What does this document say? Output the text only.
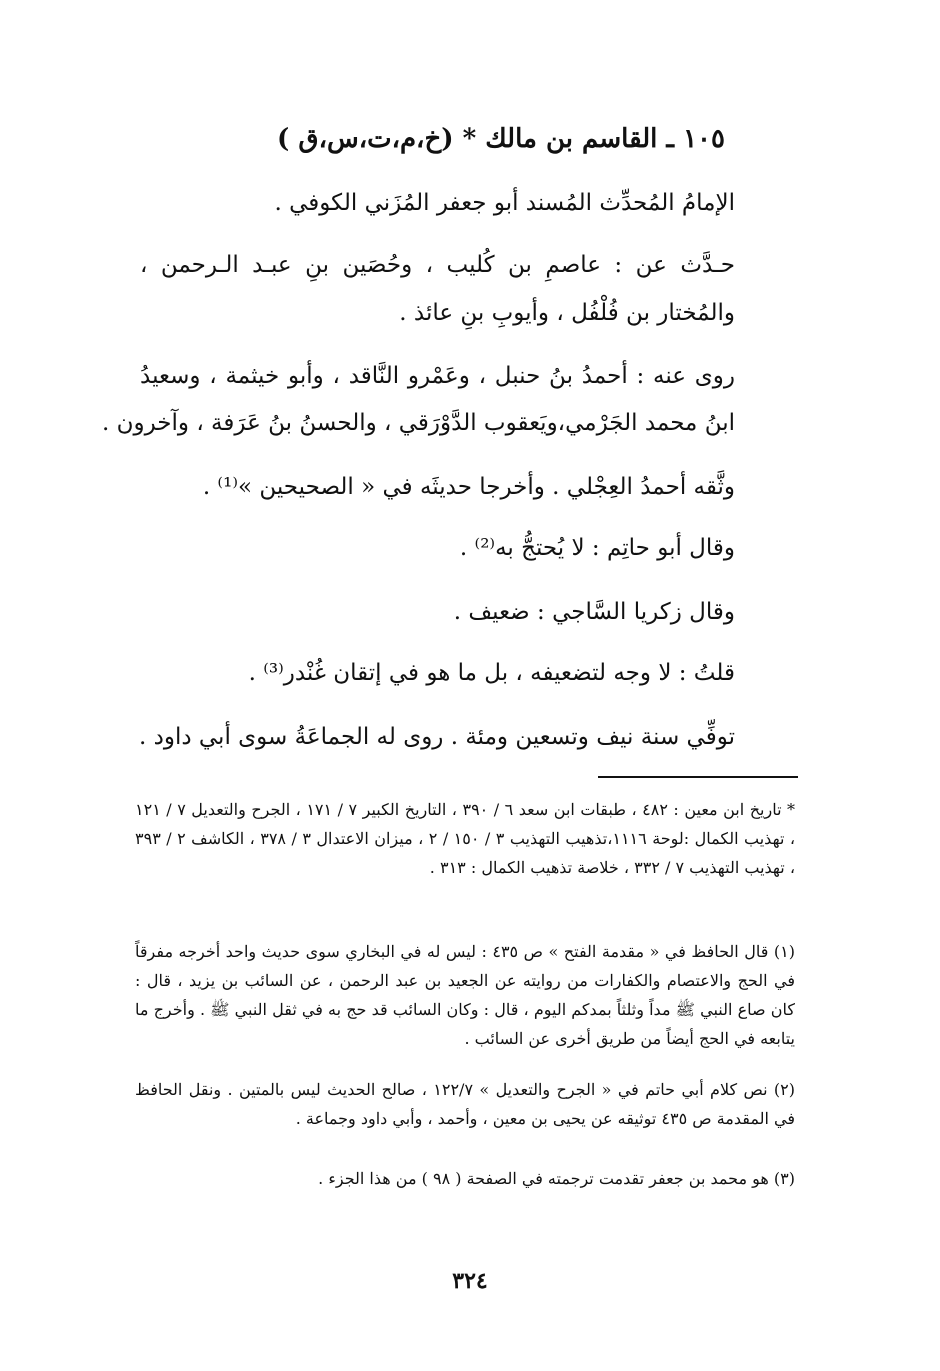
١٠٥ ـ القاسم بن مالك * (خ،م،ت،س،ق )
الإمامُ المُحدِّث المُسند أبو جعفر المُزَني الكوفي .
حـدَّث عن : عاصمِ بن كُليب ، وحُصَين بنِ عبـد الـرحمن ،
والمُختار بن فُلْفُل ، وأيوبِ بنِ عائذ .
روى عنه : أحمدُ بنُ حنبل ، وعَمْرو النَّاقد ، وأبو خيثمة ، وسعيدُ
ابنُ محمد الجَرْمي،ويَعقوب الدَّوْرَقي ، والحسنُ بنُ عَرَفة ، وآخرون .
وثَّقه أحمدُ العِجْلي . وأخرجا حديثَه في « الصحيحين »⁽¹⁾ .
وقال أبو حاتِم : لا يُحتجُّ به⁽²⁾ .
وقال زكريا السَّاجي : ضعيف .
قلتُ : لا وجه لتضعيفه ، بل ما هو في إتقان غُنْدر⁽³⁾ .
توفِّي سنة نيف وتسعين ومئة . روى له الجماعَةُ سوى أبي داود .
* تاريخ ابن معين : ٤٨٢ ، طبقات ابن سعد ٦ / ٣٩٠ ، التاريخ الكبير ٧ / ١٧١ ، الجرح والتعديل ٧ / ١٢١ ، تهذيب الكمال :لوحة ١١١٦،تذهيب التهذيب ٣ / ١٥٠ / ٢ ، ميزان الاعتدال ٣ / ٣٧٨ ، الكاشف ٢ / ٣٩٣ ، تهذيب التهذيب ٧ / ٣٣٢ ، خلاصة تذهيب الكمال : ٣١٣ .
(١) قال الحافظ في « مقدمة الفتح » ص ٤٣٥ : ليس له في البخاري سوى حديث واحد أخرجه مفرقاً في الحج والاعتصام والكفارات من روايته عن الجعيد بن عبد الرحمن ، عن السائب بن يزيد ، قال : كان صاع النبي ﷺ مداً وثلثاً بمدكم اليوم ، قال : وكان السائب قد حج به في ثقل النبي ﷺ . وأخرج ما يتابعه في الحج أيضاً من طريق أخرى عن السائب .
(٢) نص كلام أبي حاتم في « الجرح والتعديل » ١٢٢/٧ ، صالح الحديث ليس بالمتين . ونقل الحافظ في المقدمة ص ٤٣٥ توثيقه عن يحيى بن معين ، وأحمد ، وأبي داود وجماعة .
(٣) هو محمد بن جعفر تقدمت ترجمته في الصفحة ( ٩٨ ) من هذا الجزء .
٣٢٤
